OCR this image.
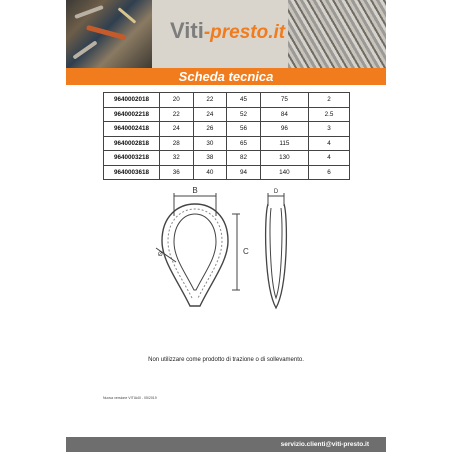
Viti-presto.it
Scheda tecnica
9640002018	20	22	45	75	2
9640002218	22	24	52	84	2.5
9640002418	24	26	56	96	3
9640002818	28	30	65	115	4
9640003218	32	38	82	130	4
9640003618	36	40	94	140	6
B
C
D
Ø
Non utilizzare come prodotto di trazione o di sollevamento.
Nuova versione VITIA40 - 05/2019
servizio.clienti@viti-presto.it
